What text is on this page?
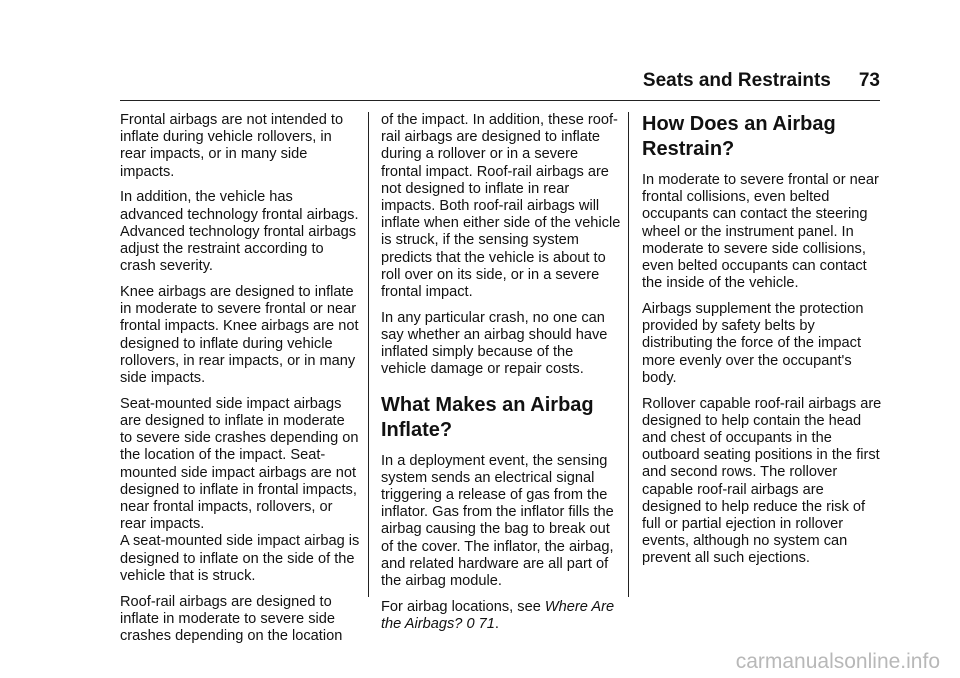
Seats and Restraints 73

Frontal airbags are not intended to inflate during vehicle rollovers, in rear impacts, or in many side impacts.

In addition, the vehicle has advanced technology frontal airbags. Advanced technology frontal airbags adjust the restraint according to crash severity.

Knee airbags are designed to inflate in moderate to severe frontal or near frontal impacts. Knee airbags are not designed to inflate during vehicle rollovers, in rear impacts, or in many side impacts.

Seat-mounted side impact airbags are designed to inflate in moderate to severe side crashes depending on the location of the impact. Seat-mounted side impact airbags are not designed to inflate in frontal impacts, near frontal impacts, rollovers, or rear impacts.

A seat-mounted side impact airbag is designed to inflate on the side of the vehicle that is struck.

Roof-rail airbags are designed to inflate in moderate to severe side crashes depending on the location

of the impact. In addition, these roof-rail airbags are designed to inflate during a rollover or in a severe frontal impact. Roof-rail airbags are not designed to inflate in rear impacts. Both roof-rail airbags will inflate when either side of the vehicle is struck, if the sensing system predicts that the vehicle is about to roll over on its side, or in a severe frontal impact.

In any particular crash, no one can say whether an airbag should have inflated simply because of the vehicle damage or repair costs.

What Makes an Airbag Inflate?

In a deployment event, the sensing system sends an electrical signal triggering a release of gas from the inflator. Gas from the inflator fills the airbag causing the bag to break out of the cover. The inflator, the airbag, and related hardware are all part of the airbag module.

For airbag locations, see Where Are the Airbags? 0 71.

How Does an Airbag Restrain?

In moderate to severe frontal or near frontal collisions, even belted occupants can contact the steering wheel or the instrument panel. In moderate to severe side collisions, even belted occupants can contact the inside of the vehicle.

Airbags supplement the protection provided by safety belts by distributing the force of the impact more evenly over the occupant's body.

Rollover capable roof-rail airbags are designed to help contain the head and chest of occupants in the outboard seating positions in the first and second rows. The rollover capable roof-rail airbags are designed to help reduce the risk of full or partial ejection in rollover events, although no system can prevent all such ejections.

carmanualsonline.info
